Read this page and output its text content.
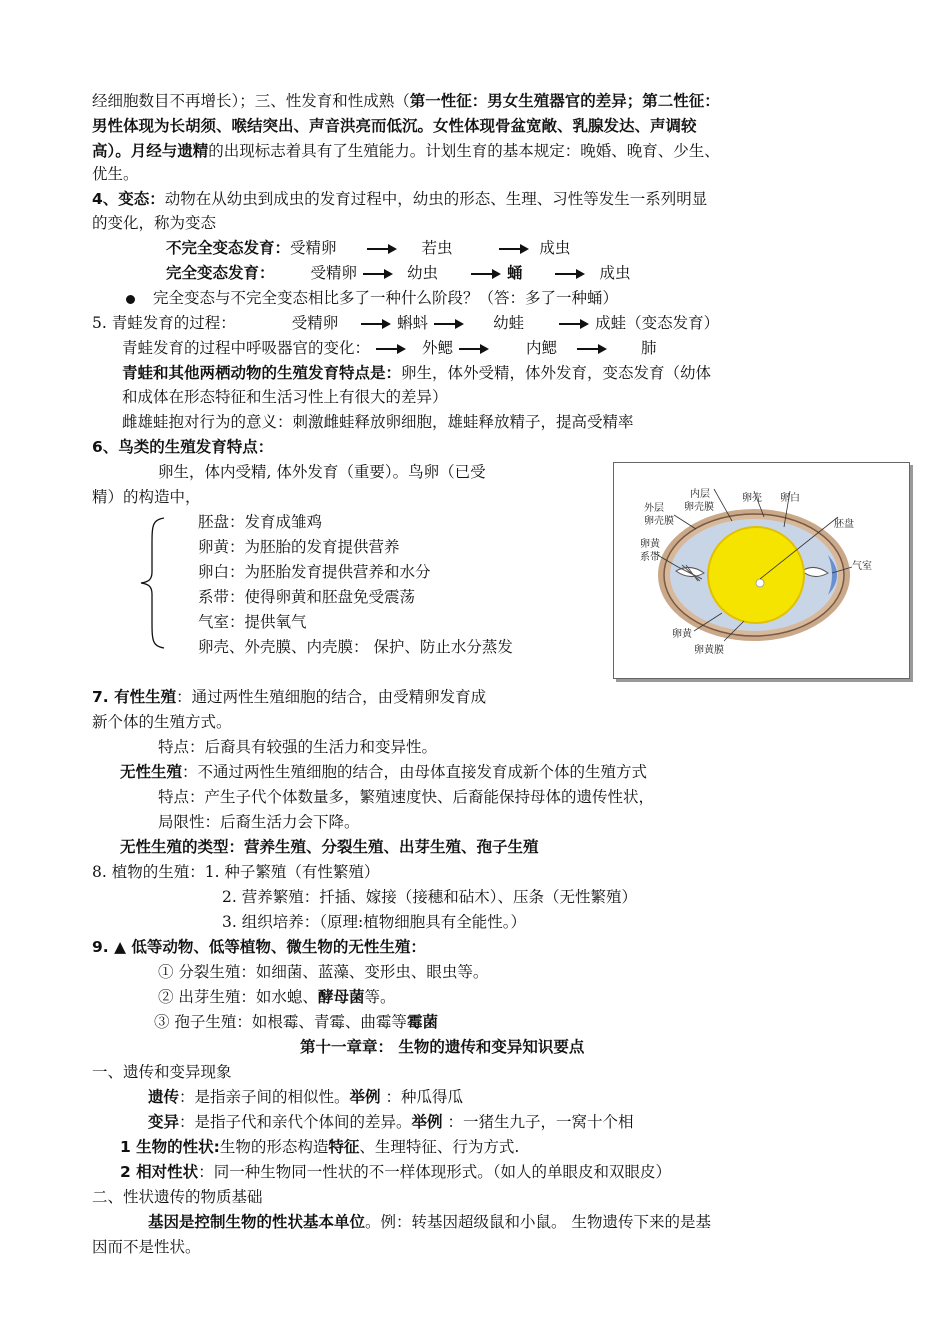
经细胞数目不再增长）；三、性发育和性成熟（第一性征：男女生殖器官的差异；第二性征：
男性体现为长胡须、喉结突出、声音洪亮而低沉。女性体现骨盆宽敞、乳腺发达、声调较
高）。月经与遗精的出现标志着具有了生殖能力。计划生育的基本规定：晚婚、晚育、少生、
优生。
4、变态：动物在从幼虫到成虫的发育过程中，幼虫的形态、生理、习性等发生一系列明显
的变化，称为变态
不完全变态发育：受精卵	若虫	成虫
完全变态发育： 受精卵	幼虫	蛹	成虫
完全变态与不完全变态相比多了一种什么阶段？（答：多了一种蛹）
5. 青蛙发育的过程：	受精卵	蝌蚪	幼蛙	成蛙（变态发育）
青蛙发育的过程中呼吸器官的变化：	外鳃	内鳃	肺
青蛙和其他两栖动物的生殖发育特点是：卵生，体外受精，体外发育，变态发育（幼体
和成体在形态特征和生活习性上有很大的差异）
雌雄蛙抱对行为的意义：刺激雌蛙释放卵细胞，雄蛙释放精子，提高受精率
6、鸟类的生殖发育特点：
卵生，体内受精, 体外发育（重要）。鸟卵（已受
精）的构造中，
胚盘：发育成雏鸡
卵黄：为胚胎的发育提供营养
卵白：为胚胎发育提供营养和水分
系带：使得卵黄和胚盘免受震荡
气室：提供氧气
卵壳、外壳膜、内壳膜： 保护、防止水分蒸发
内层
卵壳膜
卵壳 卵白
外层
卵壳膜
卵黄
系带
胚盘
气室
卵黄
卵黄膜
7. 有性生殖：通过两性生殖细胞的结合，由受精卵发育成
新个体的生殖方式。
特点：后裔具有较强的生活力和变异性。
无性生殖：不通过两性生殖细胞的结合，由母体直接发育成新个体的生殖方式
特点：产生子代个体数量多，繁殖速度快、后裔能保持母体的遗传性状，
局限性：后裔生活力会下降。
无性生殖的类型：营养生殖、分裂生殖、出芽生殖、孢子生殖
8. 植物的生殖：1. 种子繁殖（有性繁殖）
2. 营养繁殖：扦插、嫁接（接穗和砧木）、压条（无性繁殖）
3. 组织培养：（原理:植物细胞具有全能性。）
9. ▲ 低等动物、低等植物、微生物的无性生殖：
① 分裂生殖：如细菌、蓝藻、变形虫、眼虫等。
② 出芽生殖：如水螅、酵母菌等。
③ 孢子生殖：如根霉、青霉、曲霉等霉菌
第十一章章： 生物的遗传和变异知识要点
一、遗传和变异现象
遗传：是指亲子间的相似性。举例 ：种瓜得瓜
变异：是指子代和亲代个体间的差异。举例 ：一猪生九子，一窝十个相
1 生物的性状:生物的形态构造特征、生理特征、行为方式.
2 相对性状：同一种生物同一性状的不一样体现形式。（如人的单眼皮和双眼皮）
二、性状遗传的物质基础
基因是控制生物的性状基本单位。例：转基因超级鼠和小鼠。 生物遗传下来的是基
因而不是性状。
